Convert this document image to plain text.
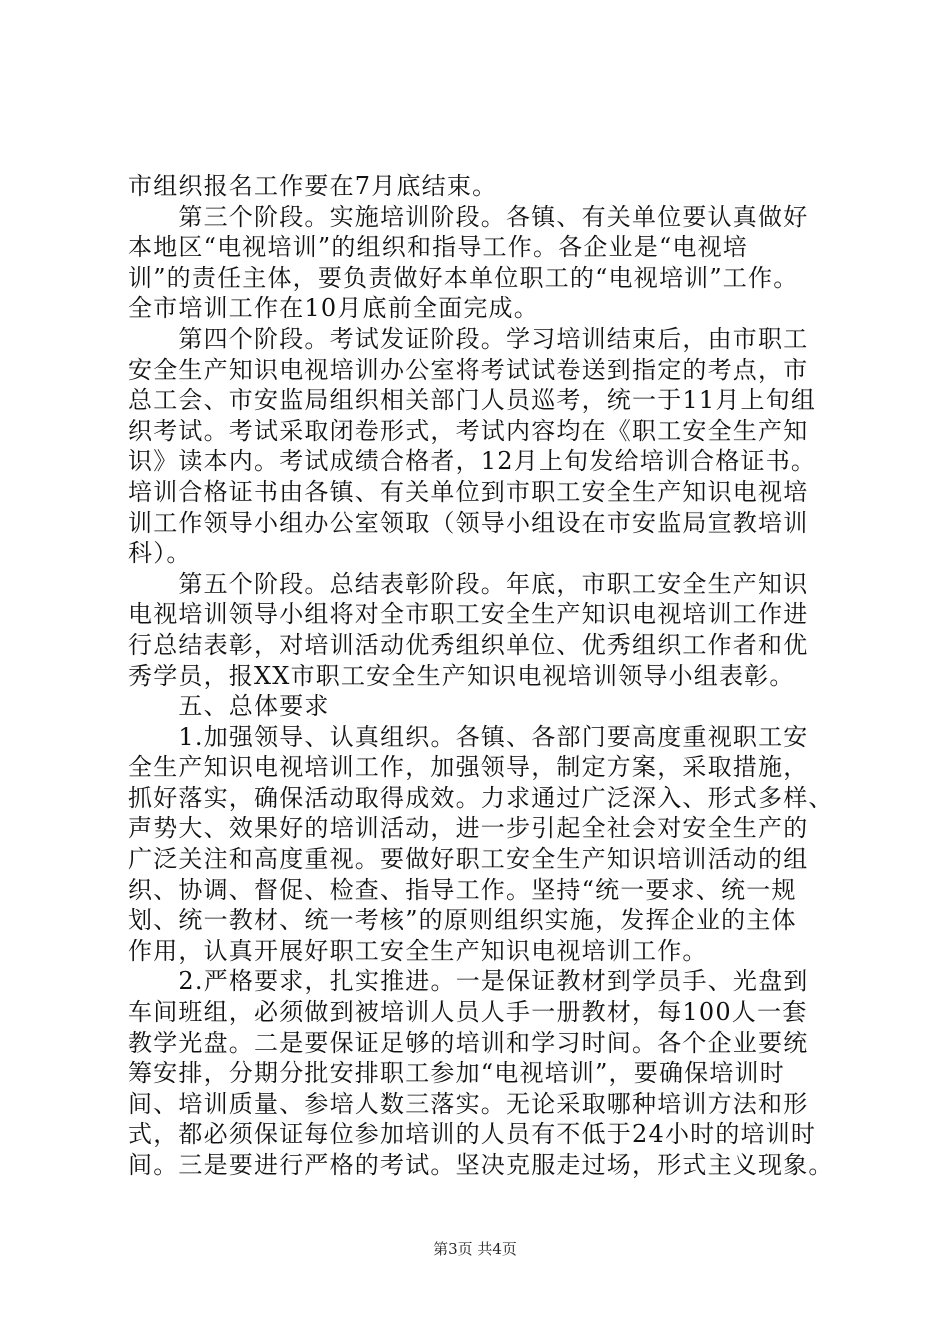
市组织报名工作要在7月底结束。
　　第三个阶段。实施培训阶段。各镇、有关单位要认真做好
本地区“电视培训”的组织和指导工作。各企业是“电视培
训”的责任主体，要负责做好本单位职工的“电视培训”工作。
全市培训工作在10月底前全面完成。
　　第四个阶段。考试发证阶段。学习培训结束后，由市职工
安全生产知识电视培训办公室将考试试卷送到指定的考点，市
总工会、市安监局组织相关部门人员巡考，统一于11月上旬组
织考试。考试采取闭卷形式，考试内容均在《职工安全生产知
识》读本内。考试成绩合格者，12月上旬发给培训合格证书。
培训合格证书由各镇、有关单位到市职工安全生产知识电视培
训工作领导小组办公室领取（领导小组设在市安监局宣教培训
科）。
　　第五个阶段。总结表彰阶段。年底，市职工安全生产知识
电视培训领导小组将对全市职工安全生产知识电视培训工作进
行总结表彰，对培训活动优秀组织单位、优秀组织工作者和优
秀学员，报XX市职工安全生产知识电视培训领导小组表彰。
　　五、总体要求
　　1.加强领导、认真组织。各镇、各部门要高度重视职工安
全生产知识电视培训工作，加强领导，制定方案，采取措施，
抓好落实，确保活动取得成效。力求通过广泛深入、形式多样、
声势大、效果好的培训活动，进一步引起全社会对安全生产的
广泛关注和高度重视。要做好职工安全生产知识培训活动的组
织、协调、督促、检查、指导工作。坚持“统一要求、统一规
划、统一教材、统一考核”的原则组织实施，发挥企业的主体
作用，认真开展好职工安全生产知识电视培训工作。
　　2.严格要求，扎实推进。一是保证教材到学员手、光盘到
车间班组，必须做到被培训人员人手一册教材，每100人一套
教学光盘。二是要保证足够的培训和学习时间。各个企业要统
筹安排，分期分批安排职工参加“电视培训”，要确保培训时
间、培训质量、参培人数三落实。无论采取哪种培训方法和形
式，都必须保证每位参加培训的人员有不低于24小时的培训时
间。三是要进行严格的考试。坚决克服走过场，形式主义现象。
第3页 共4页
